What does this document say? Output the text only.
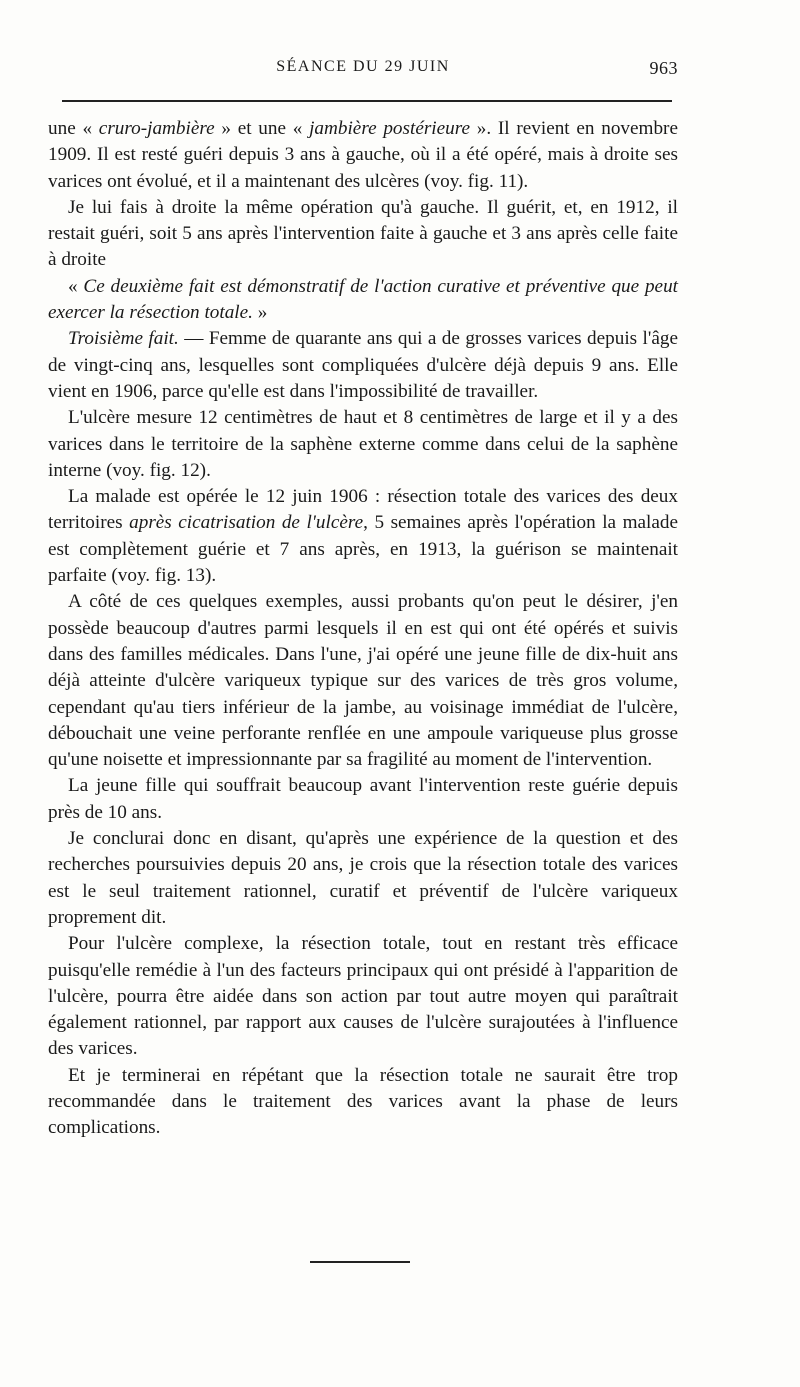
SÉANCE DU 29 JUIN	963

une « cruro-jambière » et une « jambière postérieure ». Il revient en novembre 1909. Il est resté guéri depuis 3 ans à gauche, où il a été opéré, mais à droite ses varices ont évolué, et il a maintenant des ulcères (voy. fig. 11).

Je lui fais à droite la même opération qu'à gauche. Il guérit, et, en 1912, il restait guéri, soit 5 ans après l'intervention faite à gauche et 3 ans après celle faite à droite

« Ce deuxième fait est démonstratif de l'action curative et préventive que peut exercer la résection totale. »

Troisième fait. — Femme de quarante ans qui a de grosses varices depuis l'âge de vingt-cinq ans, lesquelles sont compliquées d'ulcère déjà depuis 9 ans. Elle vient en 1906, parce qu'elle est dans l'impossibilité de travailler.

L'ulcère mesure 12 centimètres de haut et 8 centimètres de large et il y a des varices dans le territoire de la saphène externe comme dans celui de la saphène interne (voy. fig. 12).

La malade est opérée le 12 juin 1906 : résection totale des varices des deux territoires après cicatrisation de l'ulcère, 5 semaines après l'opération la malade est complètement guérie et 7 ans après, en 1913, la guérison se maintenait parfaite (voy. fig. 13).

A côté de ces quelques exemples, aussi probants qu'on peut le désirer, j'en possède beaucoup d'autres parmi lesquels il en est qui ont été opérés et suivis dans des familles médicales. Dans l'une, j'ai opéré une jeune fille de dix-huit ans déjà atteinte d'ulcère variqueux typique sur des varices de très gros volume, cependant qu'au tiers inférieur de la jambe, au voisinage immédiat de l'ulcère, débouchait une veine perforante renflée en une ampoule variqueuse plus grosse qu'une noisette et impressionnante par sa fragilité au moment de l'intervention.

La jeune fille qui souffrait beaucoup avant l'intervention reste guérie depuis près de 10 ans.

Je conclurai donc en disant, qu'après une expérience de la question et des recherches poursuivies depuis 20 ans, je crois que la résection totale des varices est le seul traitement rationnel, curatif et préventif de l'ulcère variqueux proprement dit.

Pour l'ulcère complexe, la résection totale, tout en restant très efficace puisqu'elle remédie à l'un des facteurs principaux qui ont présidé à l'apparition de l'ulcère, pourra être aidée dans son action par tout autre moyen qui paraîtrait également rationnel, par rapport aux causes de l'ulcère surajoutées à l'influence des varices.

Et je terminerai en répétant que la résection totale ne saurait être trop recommandée dans le traitement des varices avant la phase de leurs complications.
